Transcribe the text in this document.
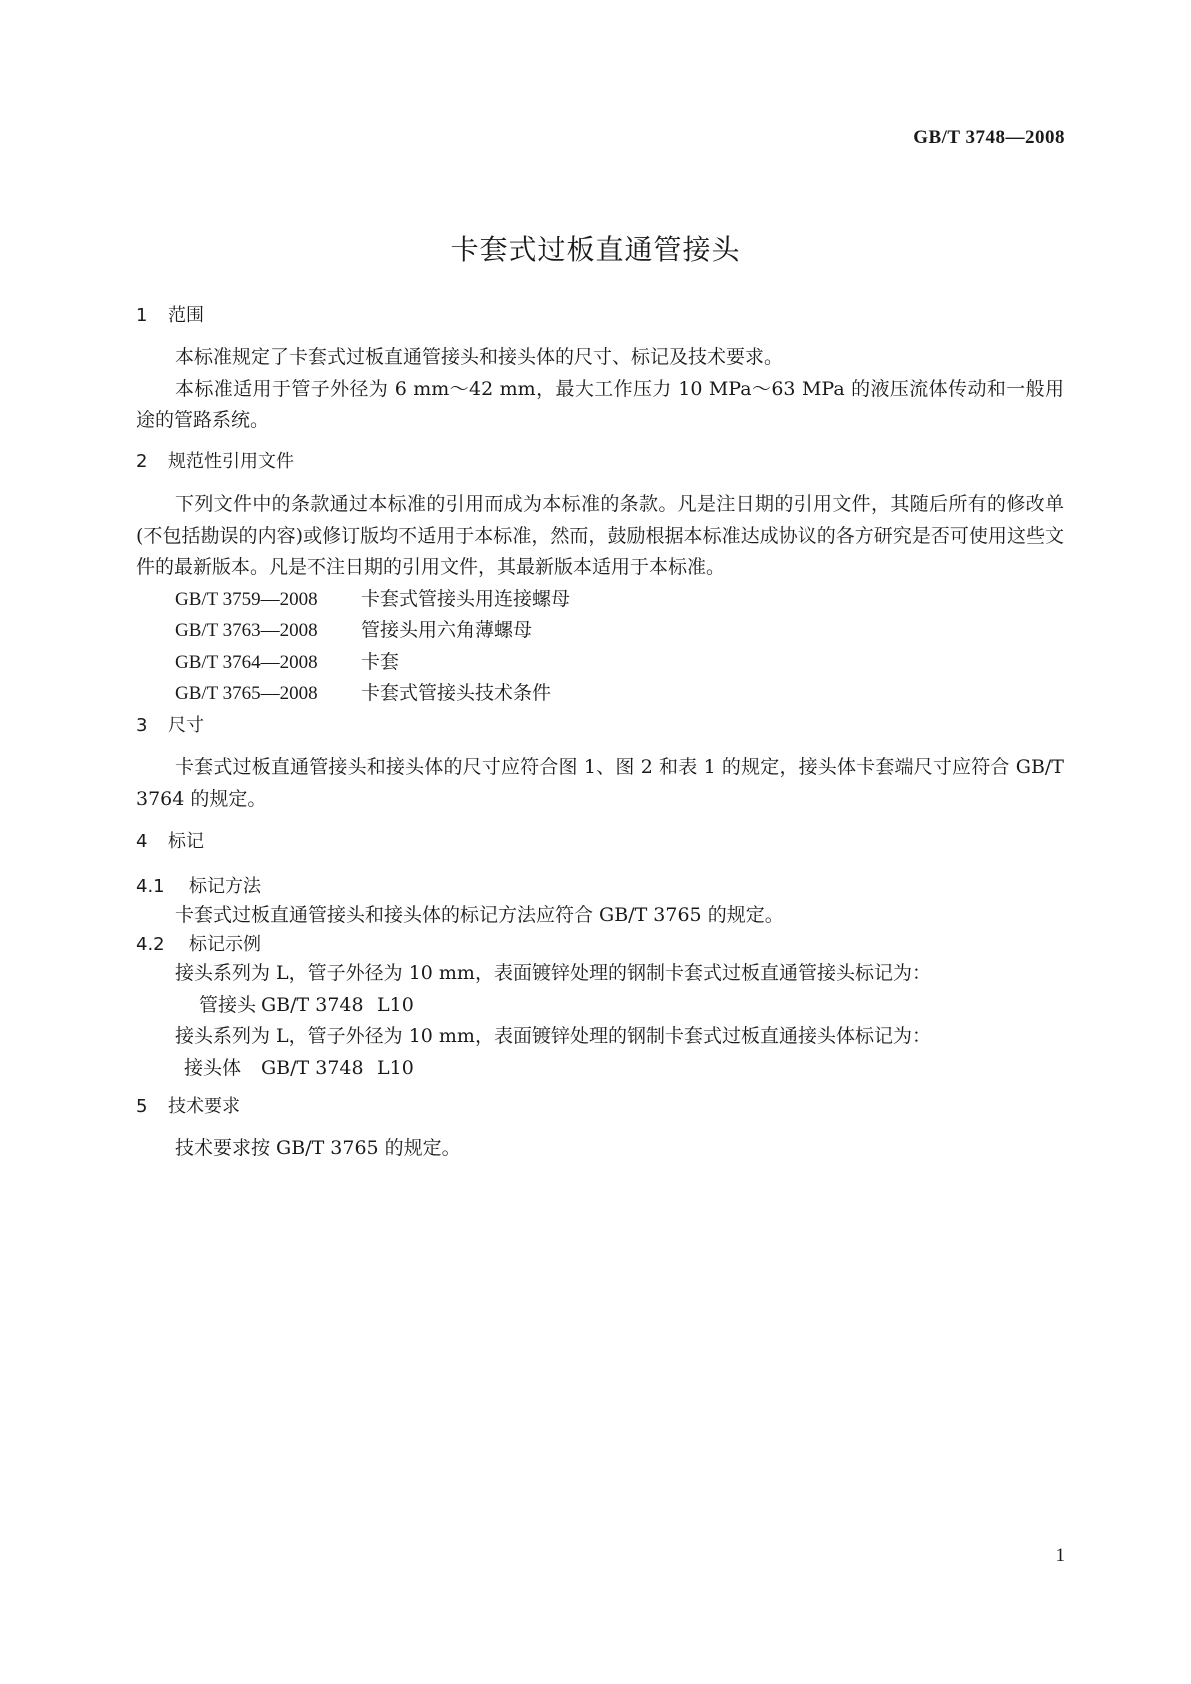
GB/T 3748—2008
卡套式过板直通管接头
1 范围
本标准规定了卡套式过板直通管接头和接头体的尺寸、标记及技术要求。
本标准适用于管子外径为 6 mm～42 mm，最大工作压力 10 MPa～63 MPa 的液压流体传动和一般用途的管路系统。
2 规范性引用文件
下列文件中的条款通过本标准的引用而成为本标准的条款。凡是注日期的引用文件，其随后所有的修改单(不包括勘误的内容)或修订版均不适用于本标准，然而，鼓励根据本标准达成协议的各方研究是否可使用这些文件的最新版本。凡是不注日期的引用文件，其最新版本适用于本标准。
GB/T 3759—2008 卡套式管接头用连接螺母
GB/T 3763—2008 管接头用六角薄螺母
GB/T 3764—2008 卡套
GB/T 3765—2008 卡套式管接头技术条件
3 尺寸
卡套式过板直通管接头和接头体的尺寸应符合图 1、图 2 和表 1 的规定，接头体卡套端尺寸应符合 GB/T 3764 的规定。
4 标记
4.1 标记方法
卡套式过板直通管接头和接头体的标记方法应符合 GB/T 3765 的规定。
4.2 标记示例
接头系列为 L，管子外径为 10 mm，表面镀锌处理的钢制卡套式过板直通管接头标记为：
管接头 GB/T 3748 L10
接头系列为 L，管子外径为 10 mm，表面镀锌处理的钢制卡套式过板直通接头体标记为：
接头体 GB/T 3748 L10
5 技术要求
技术要求按 GB/T 3765 的规定。
1
